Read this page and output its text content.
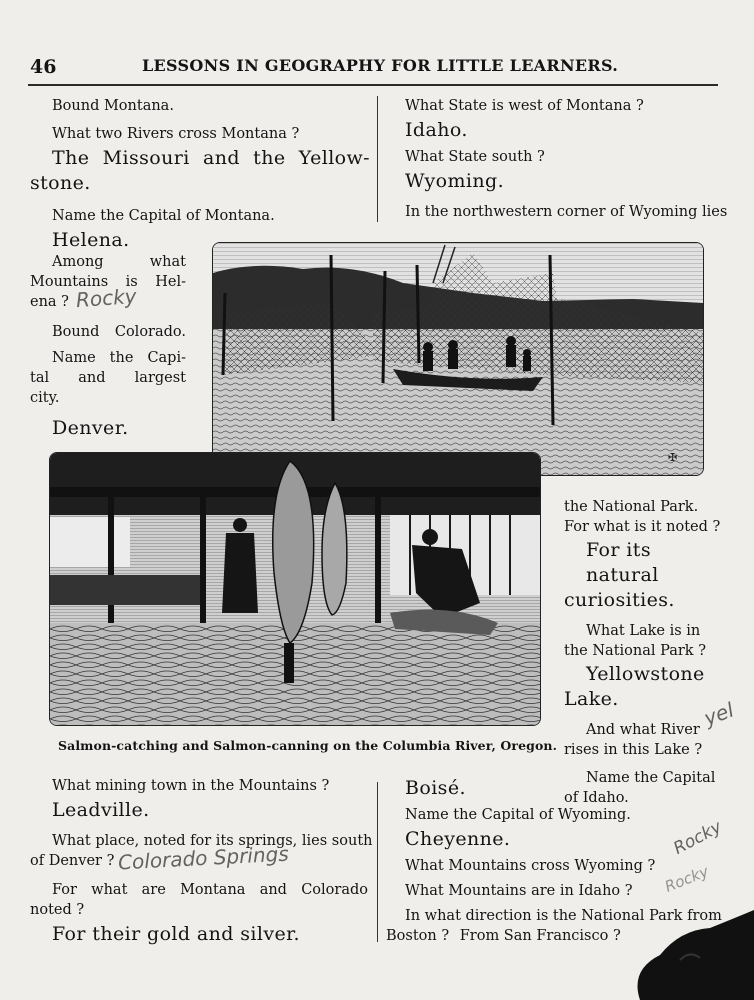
46	LESSONS IN GEOGRAPHY FOR LITTLE LEARNERS.
Bound Montana.
What two Rivers cross Montana ?
The Missouri and the Yellow-
stone.
Name the Capital of Montana.
Helena.
Among what
Mountains is Hel-
ena ?
Bound Colorado.
Name the Capi-
tal and largest
city.
Denver.
What State is west of Montana ?
Idaho.
What State south ?
Wyoming.
In the northwestern corner of Wyoming lies
✠
Salmon-catching and Salmon-canning on the Columbia River, Oregon.
the National Park.
For what is it noted ?
For its natural
curiosities.
What Lake is in
the National Park ?
Yellowstone
Lake.
And what River
rises in this Lake ?
Name the Capital
of Idaho.
What mining town in the Mountains ?
Leadville.
What place, noted for its springs, lies south
of Denver ?
For what are Montana and Colorado
noted ?
For their gold and silver.
Boisé.
Name the Capital of Wyoming.
Cheyenne.
What Mountains cross Wyoming ?
What Mountains are in Idaho ?
In what direction is the National Park from
Boston ? From San Francisco ?
Rocky
Colorado Springs
yel
Rocky
Rocky
